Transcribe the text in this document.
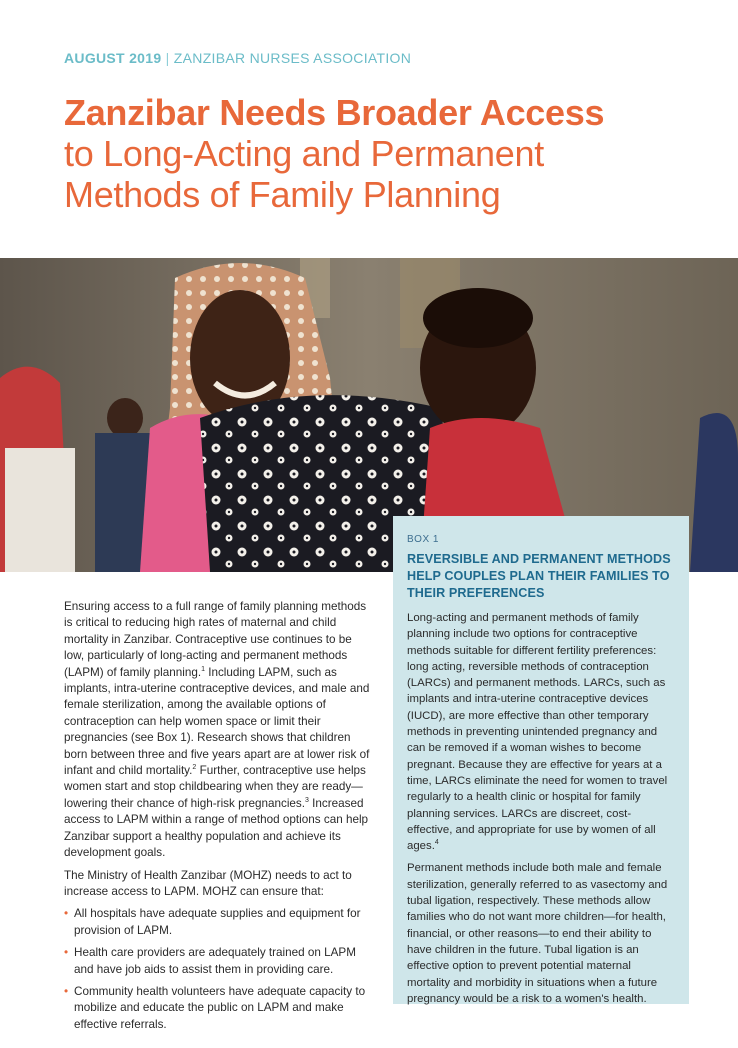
AUGUST 2019 | ZANZIBAR NURSES ASSOCIATION
Zanzibar Needs Broader Access
to Long-Acting and Permanent
Methods of Family Planning

Ensuring access to a full range of family planning methods is critical to reducing high rates of maternal and child mortality in Zanzibar. Contraceptive use continues to be low, particularly of long-acting and permanent methods (LAPM) of family planning.$^1$ Including LAPM, such as implants, intra-uterine contraceptive devices, and male and female sterilization, among the available options of contraception can help women space or limit their pregnancies (see Box 1). Research shows that children born between three and five years apart are at lower risk of infant and child mortality.$^2$ Further, contraceptive use helps women start and stop childbearing when they are ready—lowering their chance of high-risk pregnancies.$^3$ Increased access to LAPM within a range of method options can help Zanzibar support a healthy population and achieve its development goals.

The Ministry of Health Zanzibar (MOHZ) needs to act to increase access to LAPM. MOHZ can ensure that:

• All hospitals have adequate supplies and equipment for provision of LAPM.
• Health care providers are adequately trained on LAPM and have job aids to assist them in providing care.
• Community health volunteers have adequate capacity to mobilize and educate the public on LAPM and make effective referrals.
BOX 1
REVERSIBLE AND PERMANENT METHODS HELP COUPLES PLAN THEIR FAMILIES TO THEIR PREFERENCES

Long-acting and permanent methods of family planning include two options for contraceptive methods suitable for different fertility preferences: long acting, reversible methods of contraception (LARCs) and permanent methods. LARCs, such as implants and intra-uterine contraceptive devices (IUCD), are more effective than other temporary methods in preventing unintended pregnancy and can be removed if a woman wishes to become pregnant. Because they are effective for years at a time, LARCs eliminate the need for women to travel regularly to a health clinic or hospital for family planning services. LARCs are discreet, cost-effective, and appropriate for use by women of all ages.$^4$

Permanent methods include both male and female sterilization, generally referred to as vasectomy and tubal ligation, respectively. These methods allow families who do not want more children—for health, financial, or other reasons—to end their ability to have children in the future. Tubal ligation is an effective option to prevent potential maternal mortality and morbidity in situations when a future pregnancy would be a risk to a women's health.
